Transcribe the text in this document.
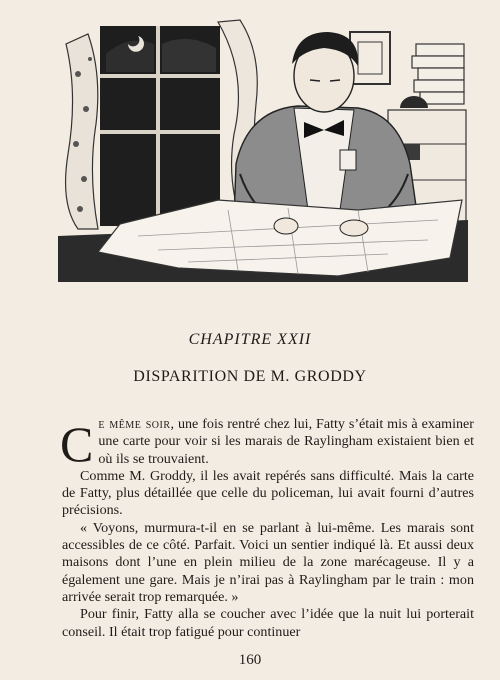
CHAPITRE XXII
DISPARITION DE M. GRODDY

Ce même soir, une fois rentré chez lui, Fatty s’était mis à examiner une carte pour voir si les marais de Raylingham existaient bien et où ils se trouvaient.

Comme M. Groddy, il les avait repérés sans difficulté. Mais la carte de Fatty, plus détaillée que celle du policeman, lui avait fourni d’autres précisions.

« Voyons, murmura-t-il en se parlant à lui-même. Les marais sont accessibles de ce côté. Parfait. Voici un sentier indiqué là. Et aussi deux maisons dont l’une en plein milieu de la zone marécageuse. Il y a également une gare. Mais je n’irai pas à Raylingham par le train : mon arrivée serait trop remarquée. »

Pour finir, Fatty alla se coucher avec l’idée que la nuit lui porterait conseil. Il était trop fatigué pour continuer

160
